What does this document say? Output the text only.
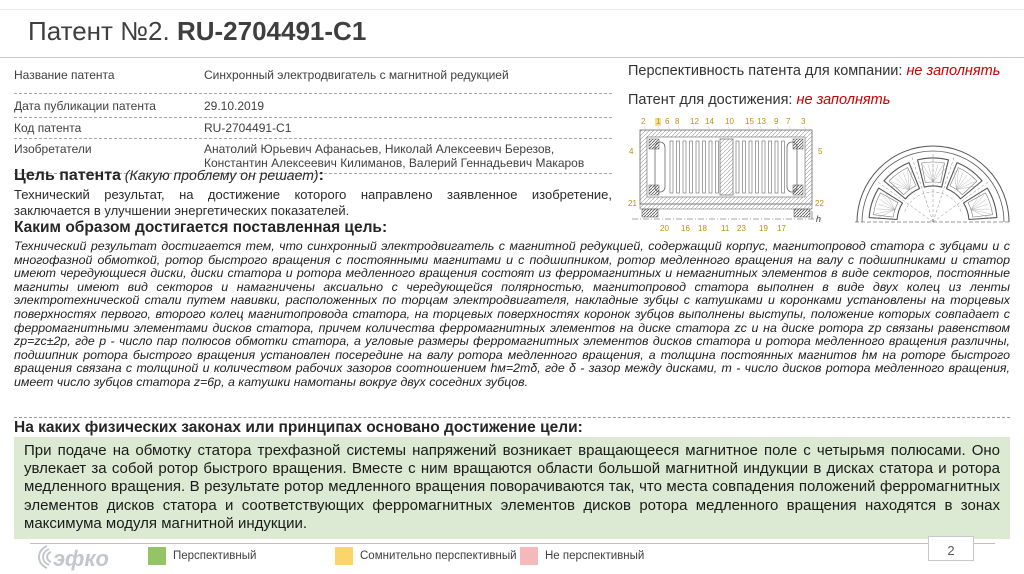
Патент №2. RU-2704491-C1
Название патента	Синхронный электродвигатель с магнитной редукцией
Дата публикации патента	29.10.2019
Код патента	RU-2704491-C1
Изобретатели	Анатолий Юрьевич Афанасьев, Николай Алексеевич Березов, Константин Алексеевич Килиманов, Валерий Геннадьевич Макаров

Перспективность патента для компании: не заполнять

Патент для достижения: не заполнять

2 1 6 8 12 14 10 15 13 9 7 3
20 16 18 11 23 19 17
4
21
5
22
h
Цель патента (Какую проблему он решает):
Технический результат, на достижение которого направлено заявленное изобретение, заключается в улучшении энергетических показателей.
Каким образом достигается поставленная цель:
Технический результат достигается тем, что синхронный электродвигатель с магнитной редукцией, содержащий корпус, магнитопровод статора с зубцами и с многофазной обмоткой, ротор быстрого вращения с постоянными магнитами и с подшипником, ротор медленного вращения на валу с подшипниками и статор имеют чередующиеся диски, диски статора и ротора медленного вращения состоят из ферромагнитных и немагнитных элементов в виде секторов, постоянные магниты имеют вид секторов и намагничены аксиально с чередующейся полярностью, магнитопровод статора выполнен в виде двух колец из ленты электротехнической стали путем навивки, расположенных по торцам электродвигателя, накладные зубцы с катушками и коронками установлены на торцевых поверхностях первого, второго колец магнитопровода статора, на торцевых поверхностях коронок зубцов выполнены выступы, положение которых совпадает с ферромагнитными элементами дисков статора, причем количества ферромагнитных элементов на диске статора zс и на диске ротора zр связаны равенством zр=zс±2p, где p - число пар полюсов обмотки статора, а угловые размеры ферромагнитных элементов дисков статора и ротора медленного вращения различны, подшипник ротора быстрого вращения установлен посередине на валу ротора медленного вращения, а толщина постоянных магнитов hм на роторе быстрого вращения связана с толщиной и количеством рабочих зазоров соотношением hм=2mδ, где δ - зазор между дисками, m - число дисков ротора медленного вращения, имеет число зубцов статора z=6p, а катушки намотаны вокруг двух соседних зубцов.
На каких физических законах или принципах основано достижение цели:
При подаче на обмотку статора трехфазной системы напряжений возникает вращающееся магнитное поле с четырьмя полюсами. Оно увлекает за собой ротор быстрого вращения. Вместе с ним вращаются области большой магнитной индукции в дисках статора и ротора медленного вращения. В результате ротор медленного вращения поворачиваются так, что места совпадения положений ферромагнитных элементов дисков статора и соответствующих ферромагнитных элементов дисков ротора медленного вращения находятся в зонах максимума модуля магнитной индукции.
эфко	Перспективный	Сомнительно перспективный Не перспективный	2
